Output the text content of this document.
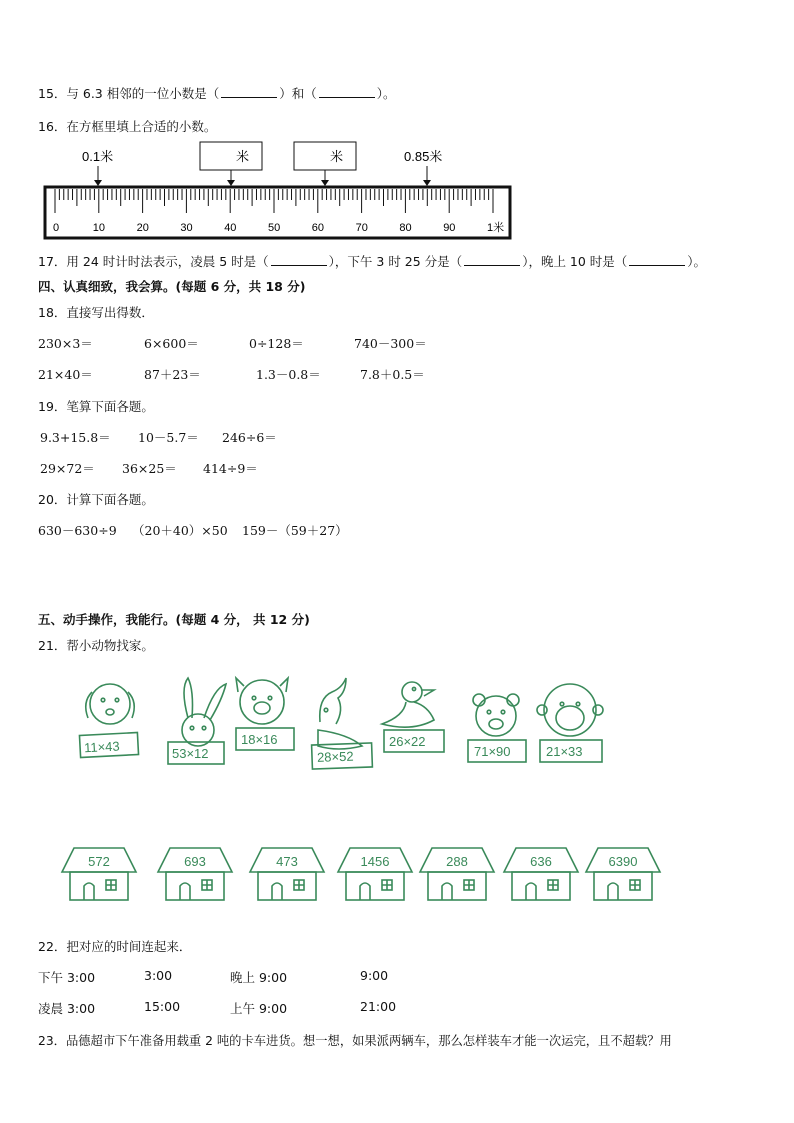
15．与 6.3 相邻的一位小数是（	）和（	）。
16．在方框里填上合适的小数。
0.1米	米	米	0.85米
0	10	20	30	40	50	60	70	80	90	1米
17．用 24 时计时法表示，凌晨 5 时是（	），下午 3 时 25 分是（	），晚上 10 时是（	）。
四、认真细致，我会算。(每题 6 分，共 18 分)
18．直接写出得数．
230×3＝	6×600＝	0÷128＝	740－300＝
21×40＝	87＋23＝	1.3－0.8＝	7.8＋0.5＝
19．笔算下面各题。
9.3+15.8＝ 10－5.7＝ 246÷6＝
29×72＝ 36×25＝ 414÷9＝
20．计算下面各题。
630－630÷9 （20＋40）×50 159－（59＋27）
五、动手操作，我能行。(每题 4 分， 共 12 分)
21．帮小动物找家。
11×43	53×12
18×16
28×52
26×22
71×90	21×33
572	693	473	1456	288	636	6390
22．把对应的时间连起来．
下午 3:00	3:00	晚上 9:00	9:00
凌晨 3:00	15:00	上午 9:00	21:00
23．品德超市下午准备用载重 2 吨的卡车进货。想一想，如果派两辆车，那么怎样装车才能一次运完，且不超载？用
